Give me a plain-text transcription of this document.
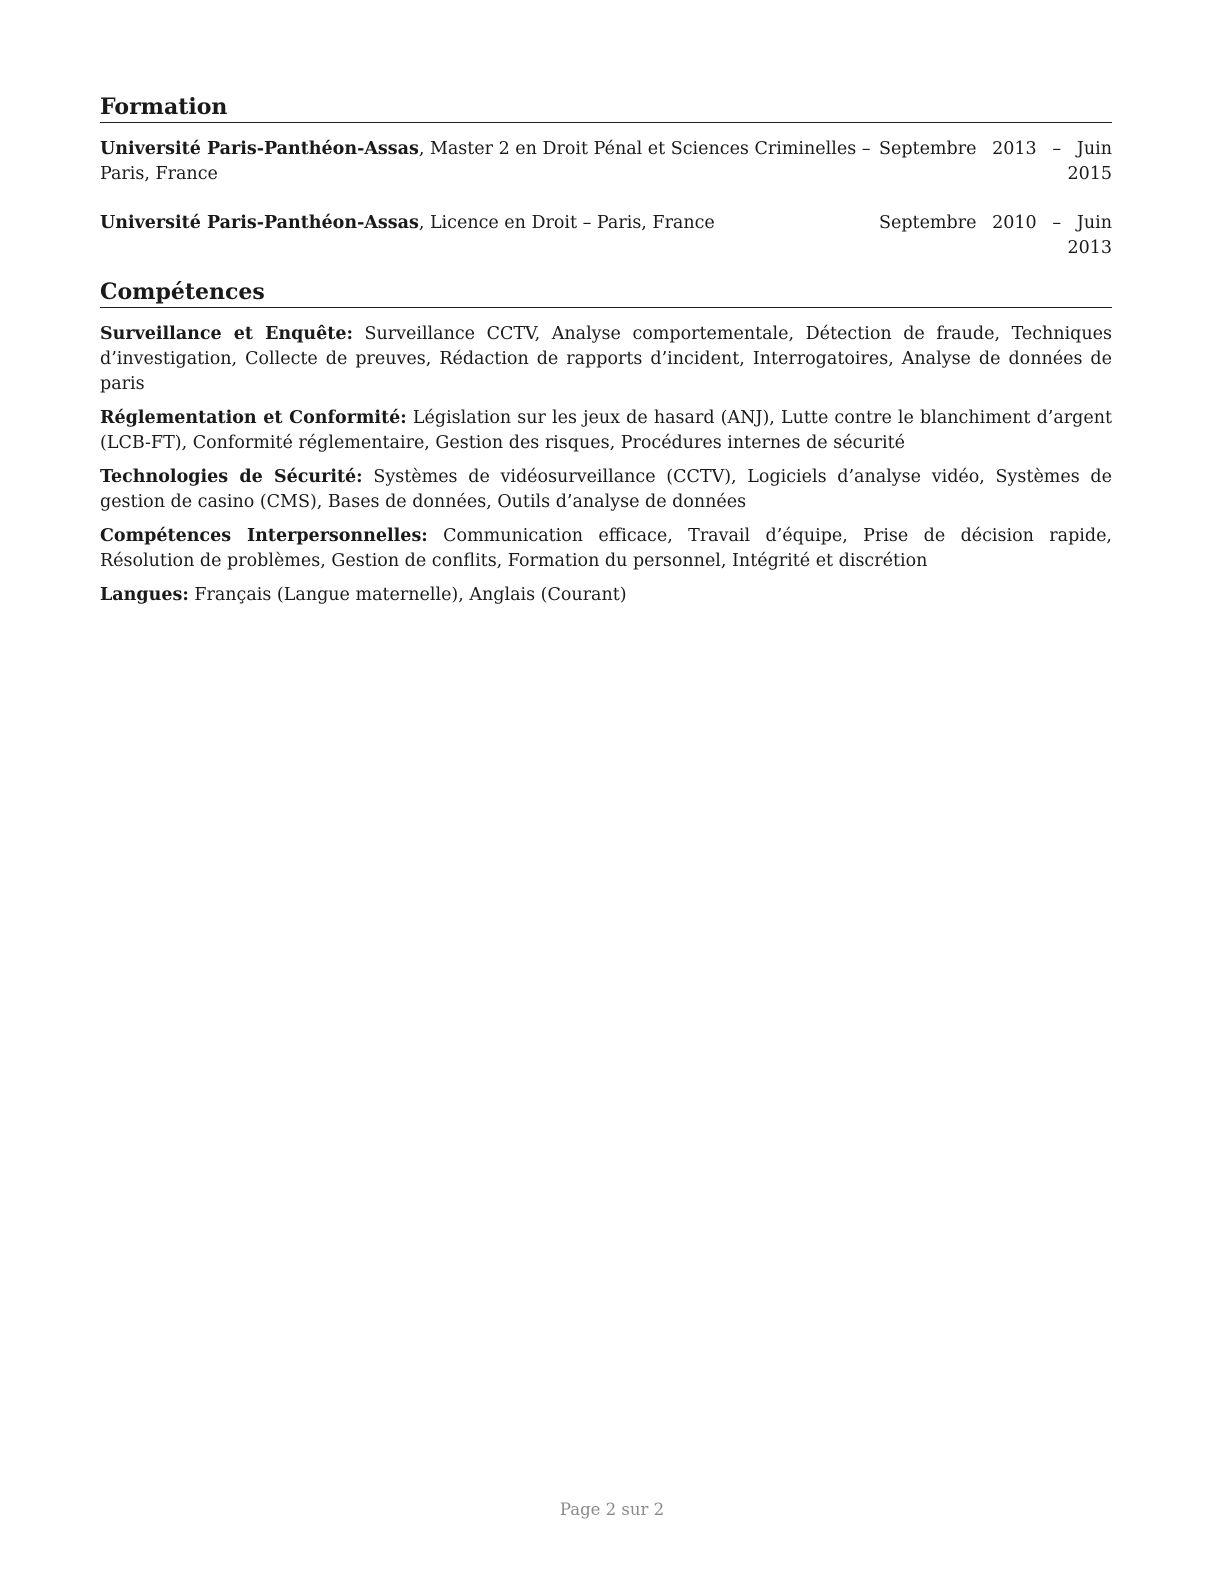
Formation
Université Paris-Panthéon-Assas, Master 2 en Droit Pénal et Sciences Criminelles – Paris, France
Septembre 2013 – Juin 2015
Université Paris-Panthéon-Assas, Licence en Droit – Paris, France	Septembre 2010 – Juin 2013
Compétences

Surveillance et Enquête: Surveillance CCTV, Analyse comportementale, Détection de fraude, Techniques d’investigation, Collecte de preuves, Rédaction de rapports d’incident, Interrogatoires, Analyse de données de paris

Réglementation et Conformité: Législation sur les jeux de hasard (ANJ), Lutte contre le blanchiment d’argent (LCB-FT), Conformité réglementaire, Gestion des risques, Procédures internes de sécurité

Technologies de Sécurité: Systèmes de vidéosurveillance (CCTV), Logiciels d’analyse vidéo, Systèmes de gestion de casino (CMS), Bases de données, Outils d’analyse de données

Compétences Interpersonnelles: Communication efficace, Travail d’équipe, Prise de décision rapide, Résolution de problèmes, Gestion de conflits, Formation du personnel, Intégrité et discrétion

Langues: Français (Langue maternelle), Anglais (Courant)

Page 2 sur 2
